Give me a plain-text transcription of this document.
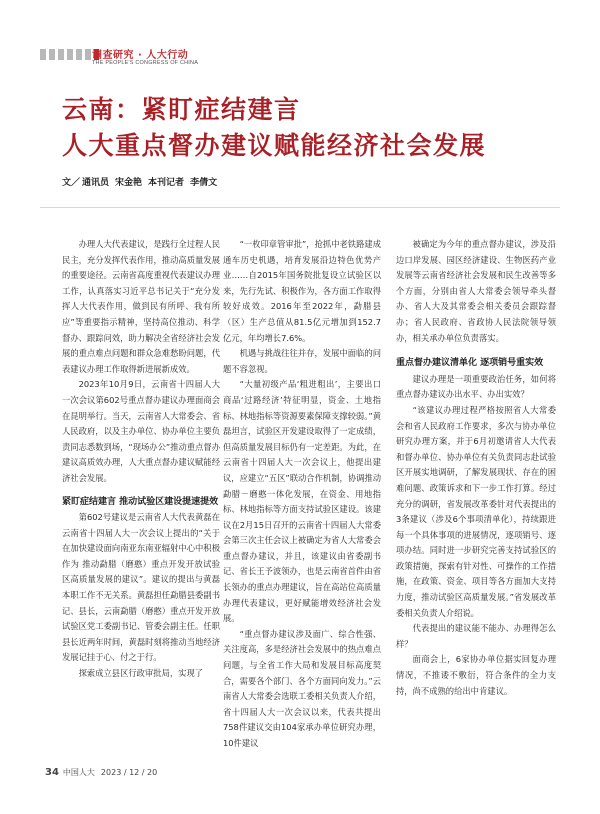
调查研究 · 人大行动
THE PEOPLE'S CONGRESS OF CHINA
云南：紧盯症结建言
人大重点督办建议赋能经济社会发展
文／ 通讯员 宋金艳 本刊记者 李倩文

办理人大代表建议，是践行全过程人民民主，充分发挥代表作用，推动高质量发展的重要途径。云南省高度重视代表建议办理工作，认真落实习近平总书记关于“充分发挥人大代表作用，做到民有所呼、我有所应”等重要指示精神，坚持高位推动、科学督办、跟踪问效，助力解决全省经济社会发展的重点难点问题和群众急难愁盼问题，代表建议办理工作取得新进展新成效。

2023年10月9日，云南省十四届人大一次会议第602号重点督办建议办理面商会在昆明举行。当天，云南省人大常委会、省人民政府，以及主办单位、协办单位主要负责同志悉数到场，“现场办公”推动重点督办建议高质效办理，人大重点督办建议赋能经济社会发展。

紧盯症结建言 推动试验区建设提速提效

第602号建议是云南省人大代表黄磊在云南省十四届人大一次会议上提出的“关于在加快建设面向南亚东南亚辐射中心中积极作为 推动勐腊（磨憨）重点开发开放试验区高质量发展的建议”。建议的提出与黄磊本职工作不无关系。黄磊担任勐腊县委副书记、县长，云南勐腊（磨憨）重点开发开放试验区党工委副书记、管委会副主任。任职县长近两年时间，黄磊时刻将推动当地经济发展记挂于心、付之于行。

探索成立县区行政审批局，实现了

“一枚印章管审批”，抢抓中老铁路建成通车历史机遇，培育发展沿边特色优势产业……自2015年国务院批复设立试验区以来，先行先试、积极作为，各方面工作取得较好成效。2016年至2022年，勐腊县（区）生产总值从81.5亿元增加到152.7亿元，年均增长7.6%。

机遇与挑战往往并存，发展中面临的问题不容忽视。

“大量初级产品‘粗进粗出’，主要出口商品‘过路经济’特征明显，资金、土地指标、林地指标等资源要素保障支撑较弱。”黄磊坦言，试验区开发建设取得了一定成绩，但高质量发展目标仍有一定差距。为此，在云南省十四届人大一次会议上，他提出建议，应建立“五区”联动合作机制，协调推动勐腊－磨憨一体化发展，在资金、用地指标、林地指标等方面支持试验区建设。该建议在2月15日召开的云南省十四届人大常委会第三次主任会议上被确定为省人大常委会重点督办建议，并且，该建议由省委副书记、省长王予波领办，也是云南省首件由省长领办的重点办理建议，旨在高站位高质量办理代表建议，更好赋能增效经济社会发展。

“重点督办建议涉及面广、综合性强、关注度高，多是经济社会发展中的热点难点问题，与全省工作大局和发展目标高度契合，需要各个部门、各个方面同向发力。”云南省人大常委会选联工委相关负责人介绍，省十四届人大一次会议以来，代表共提出758件建议交由104家承办单位研究办理，10件建议

被确定为今年的重点督办建议，涉及沿边口岸发展、园区经济建设、生物医药产业发展等云南省经济社会发展和民生改善等多个方面，分别由省人大常委会领导牵头督办、省人大及其常委会相关委员会跟踪督办；省人民政府、省政协人民法院领导领办，相关承办单位负责落实。

重点督办建议清单化 逐项销号重实效

建议办理是一项重要政治任务，如何将重点督办建议办出水平、办出实效？

“该建议办理过程严格按照省人大常委会和省人民政府工作要求，多次与协办单位研究办理方案，并于6月初邀请省人大代表和督办单位、协办单位有关负责同志赴试验区开展实地调研，了解发展现状、存在的困难问题、政策诉求和下一步工作打算。经过充分的调研，省发展改革委针对代表提出的3条建议（涉及6个事项清单化），持续跟进每一个具体事项的进展情况，逐项销号、逐项办结。同时进一步研究完善支持试验区的政策措施，探索有针对性、可操作的工作措施，在政策、资金、项目等各方面加大支持力度，推动试验区高质量发展。”省发展改革委相关负责人介绍说。

代表提出的建议能不能办、办理得怎么样？

面商会上，6家协办单位据实回复办理情况，不推诿不敷衍，符合条件的全力支持，尚不成熟的给出中肯建议。

34 中国人大 2023 / 12 / 20
